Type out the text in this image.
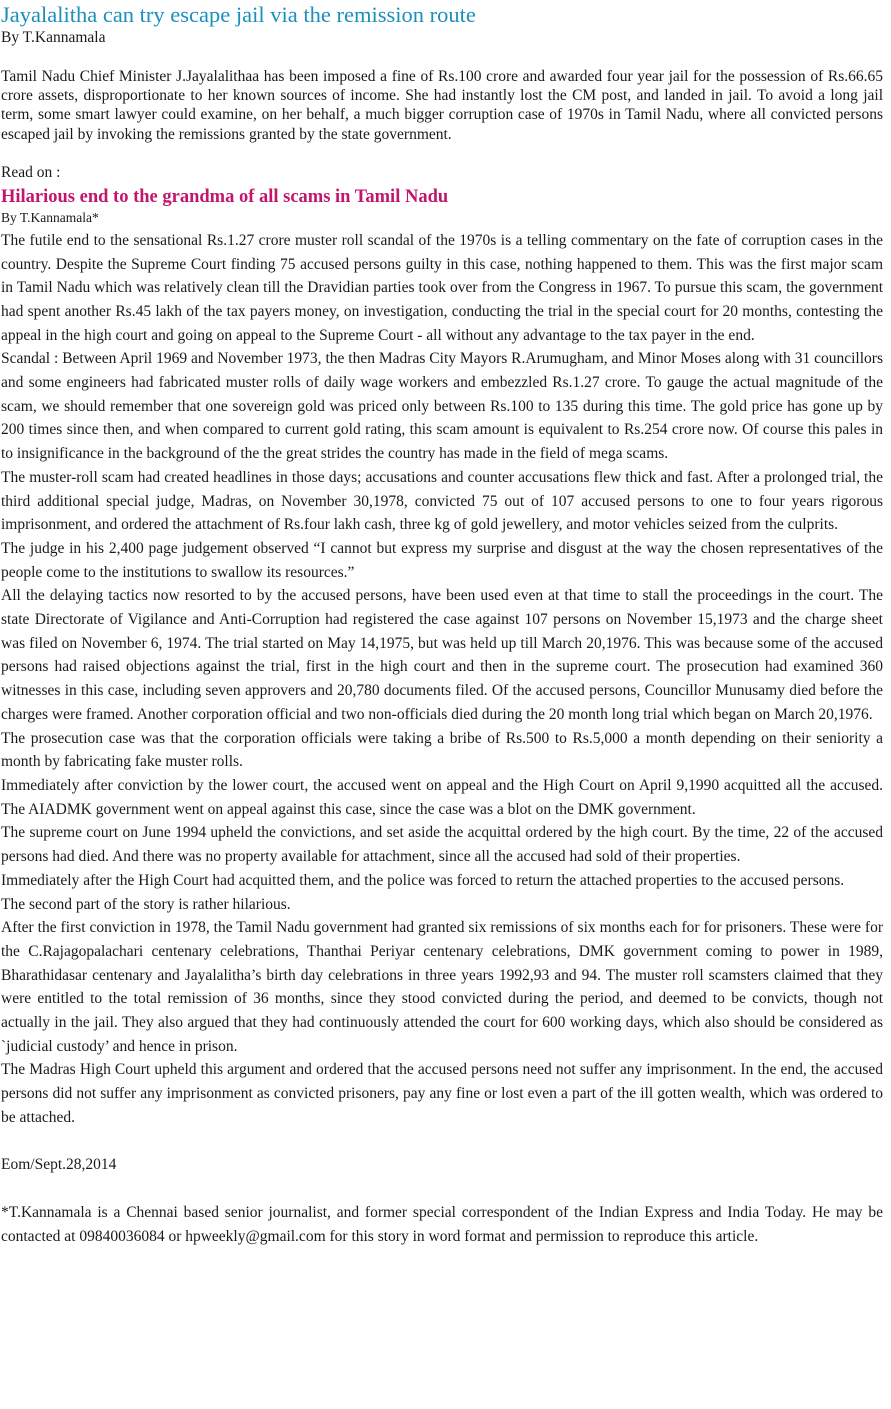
Jayalalitha can try escape jail via the remission route
By T.Kannamala

Tamil Nadu Chief Minister J.Jayalalithaa has been imposed a fine of Rs.100 crore and awarded four year jail for the possession of Rs.66.65 crore assets, disproportionate to her known sources of income. She had instantly lost the CM post, and landed in jail. To avoid a long jail term, some smart lawyer could examine, on her behalf, a much bigger corruption case of 1970s in Tamil Nadu, where all convicted persons escaped jail by invoking the remissions granted by the state government.

Read on :
Hilarious end to the grandma of all scams in Tamil Nadu
By T.Kannamala*

The futile end to the sensational Rs.1.27 crore muster roll scandal of the 1970s is a telling commentary on the fate of corruption cases in the country. Despite the Supreme Court finding 75 accused persons guilty in this case, nothing happened to them. This was the first major scam in Tamil Nadu which was relatively clean till the Dravidian parties took over from the Congress in 1967. To pursue this scam, the government had spent another Rs.45 lakh of the tax payers money, on investigation, conducting the trial in the special court for 20 months, contesting the appeal in the high court and going on appeal to the Supreme Court - all without any advantage to the tax payer in the end.

Scandal : Between April 1969 and November 1973, the then Madras City Mayors R.Arumugham, and Minor Moses along with 31 councillors and some engineers had fabricated muster rolls of daily wage workers and embezzled Rs.1.27 crore. To gauge the actual magnitude of the scam, we should remember that one sovereign gold was priced only between Rs.100 to 135 during this time. The gold price has gone up by 200 times since then, and when compared to current gold rating, this scam amount is equivalent to Rs.254 crore now. Of course this pales in to insignificance in the background of the the great strides the country has made in the field of mega scams.

The muster-roll scam had created headlines in those days; accusations and counter accusations flew thick and fast. After a prolonged trial, the third additional special judge, Madras, on November 30,1978, convicted 75 out of 107 accused persons to one to four years rigorous imprisonment, and ordered the attachment of Rs.four lakh cash, three kg of gold jewellery, and motor vehicles seized from the culprits.

The judge in his 2,400 page judgement observed “I cannot but express my surprise and disgust at the way the chosen representatives of the people come to the institutions to swallow its resources.”

All the delaying tactics now resorted to by the accused persons, have been used even at that time to stall the proceedings in the court. The state Directorate of Vigilance and Anti-Corruption had registered the case against 107 persons on November 15,1973 and the charge sheet was filed on November 6, 1974. The trial started on May 14,1975, but was held up till March 20,1976. This was because some of the accused persons had raised objections against the trial, first in the high court and then in the supreme court. The prosecution had examined 360 witnesses in this case, including seven approvers and 20,780 documents filed. Of the accused persons, Councillor Munusamy died before the charges were framed. Another corporation official and two non-officials died during the 20 month long trial which began on March 20,1976.

The prosecution case was that the corporation officials were taking a bribe of Rs.500 to Rs.5,000 a month depending on their seniority a month by fabricating fake muster rolls.

Immediately after conviction by the lower court, the accused went on appeal and the High Court on April 9,1990 acquitted all the accused. The AIADMK government went on appeal against this case, since the case was a blot on the DMK government.

The supreme court on June 1994 upheld the convictions, and set aside the acquittal ordered by the high court. By the time, 22 of the accused persons had died. And there was no property available for attachment, since all the accused had sold of their properties.

Immediately after the High Court had acquitted them, and the police was forced to return the attached properties to the accused persons.

The second part of the story is rather hilarious.

After the first conviction in 1978, the Tamil Nadu government had granted six remissions of six months each for for prisoners. These were for the C.Rajagopalachari centenary celebrations, Thanthai Periyar centenary celebrations, DMK government coming to power in 1989, Bharathidasar centenary and Jayalalitha’s birth day celebrations in three years 1992,93 and 94. The muster roll scamsters claimed that they were entitled to the total remission of 36 months, since they stood convicted during the period, and deemed to be convicts, though not actually in the jail. They also argued that they had continuously attended the court for 600 working days, which also should be considered as `judicial custody’ and hence in prison.

The Madras High Court upheld this argument and ordered that the accused persons need not suffer any imprisonment. In the end, the accused persons did not suffer any imprisonment as convicted prisoners, pay any fine or lost even a part of the ill gotten wealth, which was ordered to be attached.

Eom/Sept.28,2014

*T.Kannamala is a Chennai based senior journalist, and former special correspondent of the Indian Express and India Today. He may be contacted at 09840036084 or hpweekly@gmail.com for this story in word format and permission to reproduce this article.
